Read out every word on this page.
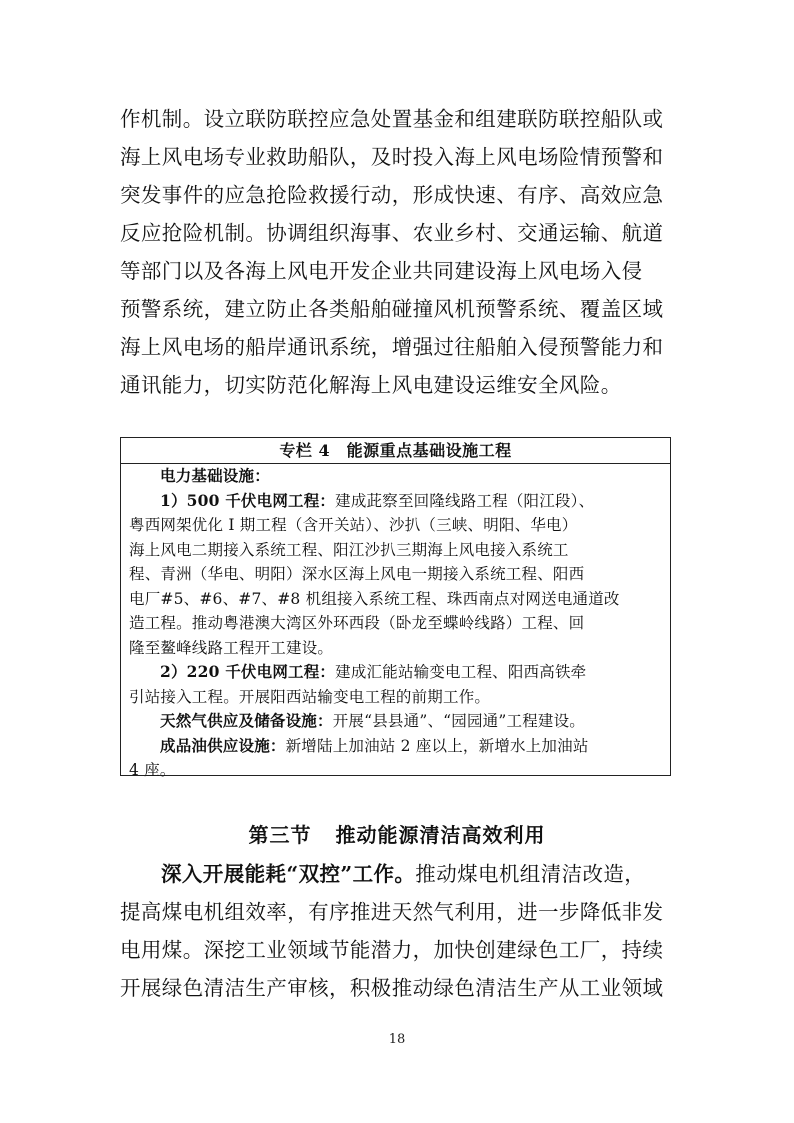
作机制。设立联防联控应急处置基金和组建联防联控船队或
海上风电场专业救助船队，及时投入海上风电场险情预警和
突发事件的应急抢险救援行动，形成快速、有序、高效应急
反应抢险机制。协调组织海事、农业乡村、交通运输、航道
等部门以及各海上风电开发企业共同建设海上风电场入侵
预警系统，建立防止各类船舶碰撞风机预警系统、覆盖区域
海上风电场的船岸通讯系统，增强过往船舶入侵预警能力和
通讯能力，切实防范化解海上风电建设运维安全风险。
专栏 4　能源重点基础设施工程
电力基础设施：
1）500 千伏电网工程：建成茈察至回隆线路工程（阳江段）、
粤西网架优化 I 期工程（含开关站）、沙扒（三峡、明阳、华电）
海上风电二期接入系统工程、阳江沙扒三期海上风电接入系统工
程、青洲（华电、明阳）深水区海上风电一期接入系统工程、阳西
电厂#5、#6、#7、#8 机组接入系统工程、珠西南点对网送电通道改
造工程。推动粤港澳大湾区外环西段（卧龙至蝶岭线路）工程、回
隆至鳌峰线路工程开工建设。
2）220 千伏电网工程：建成汇能站输变电工程、阳西高铁牵
引站接入工程。开展阳西站输变电工程的前期工作。
天然气供应及储备设施：开展“县县通”、“园园通”工程建设。
成品油供应设施：新增陆上加油站 2 座以上，新增水上加油站
4 座。
第三节 推动能源清洁高效利用
深入开展能耗“双控”工作。推动煤电机组清洁改造，
提高煤电机组效率，有序推进天然气利用，进一步降低非发
电用煤。深挖工业领域节能潜力，加快创建绿色工厂，持续
开展绿色清洁生产审核，积极推动绿色清洁生产从工业领域
18
